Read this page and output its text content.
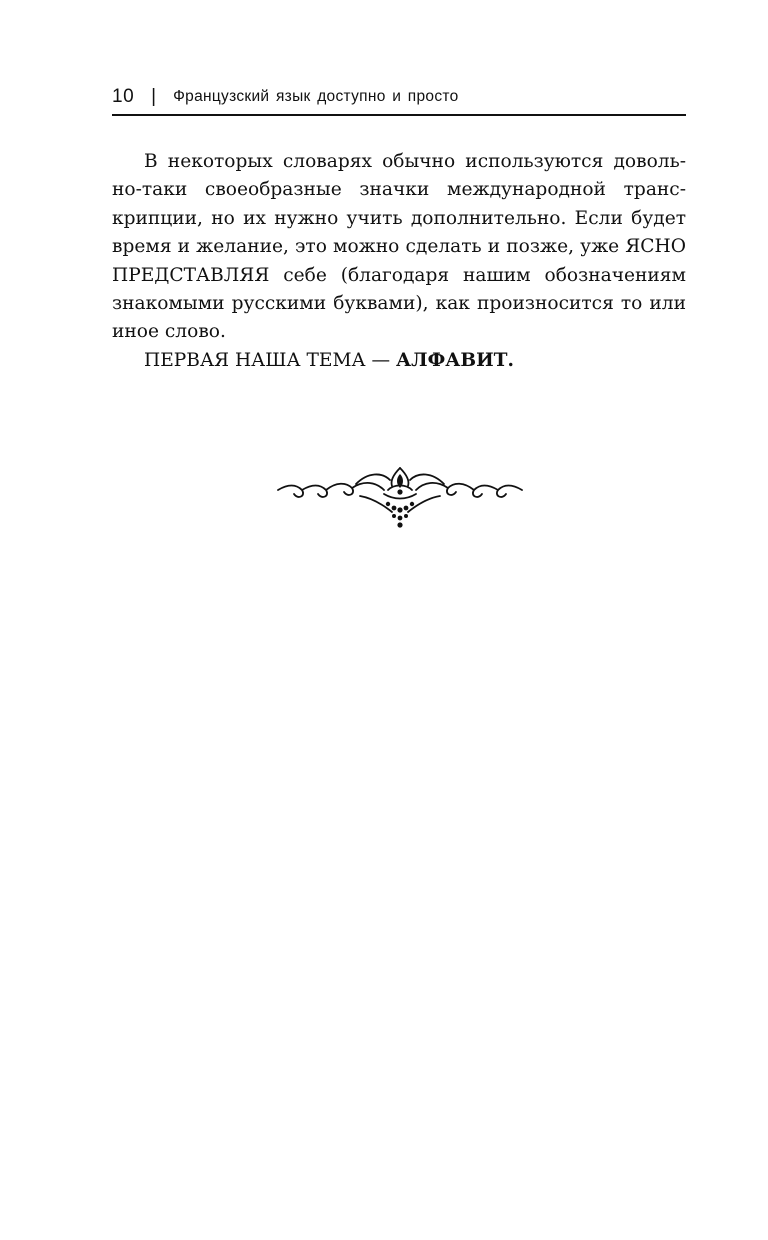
10 | Французский язык доступно и просто

В некоторых словарях обычно используются доволь-но-таки своеобразные значки международной транс-крипции, но их нужно учить дополнительно. Если будет время и желание, это можно сделать и позже, уже ЯСНО ПРЕДСТАВЛЯЯ себе (благодаря нашим обозначениям знакомыми русскими буквами), как произносится то или иное слово.

ПЕРВАЯ НАША ТЕМА — АЛФАВИТ.
